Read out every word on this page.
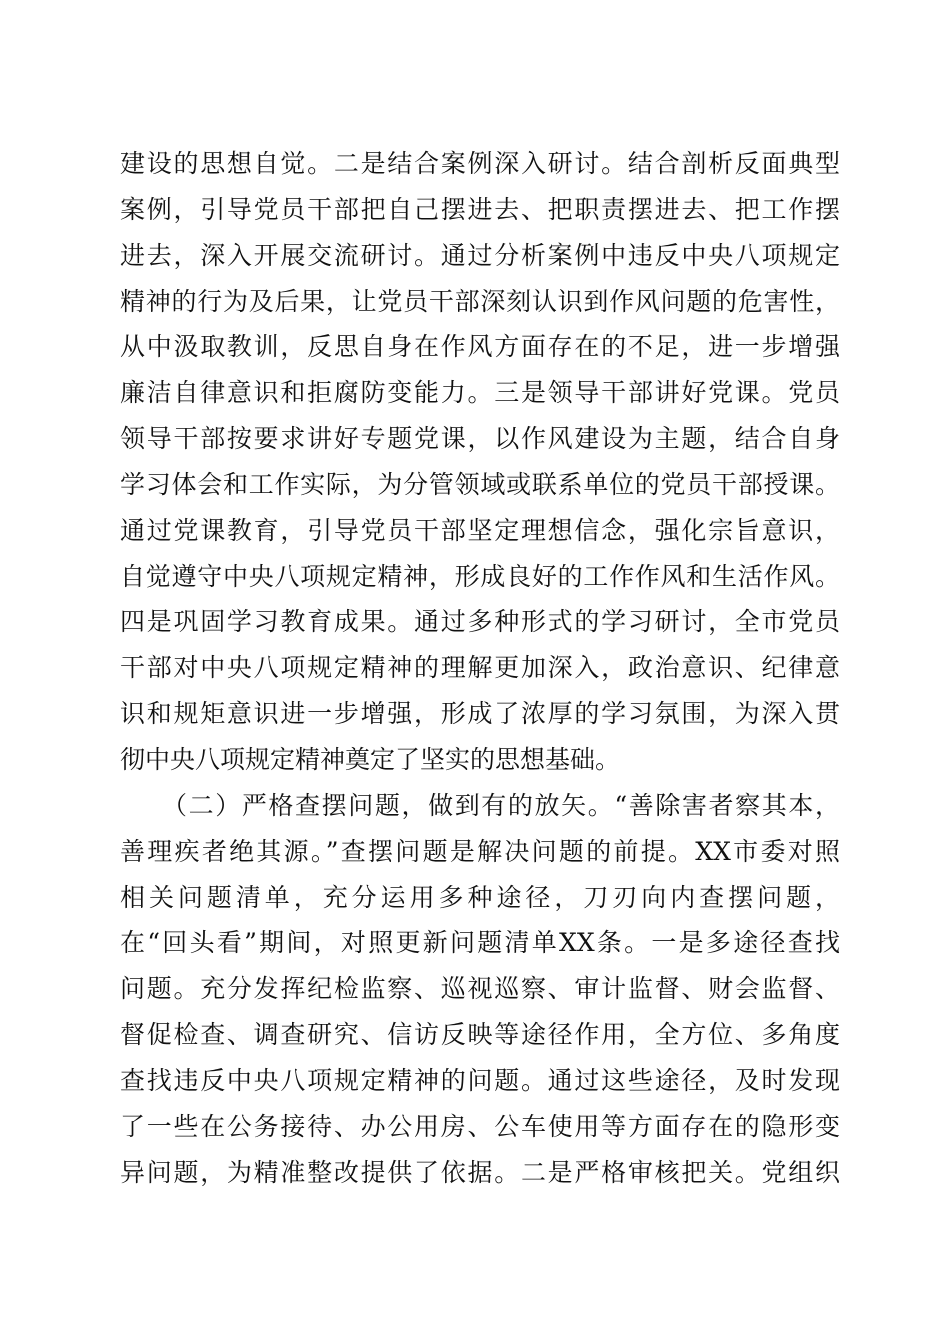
建设的思想自觉。二是结合案例深入研讨。结合剖析反面典型
案例，引导党员干部把自己摆进去、把职责摆进去、把工作摆
进去，深入开展交流研讨。通过分析案例中违反中央八项规定
精神的行为及后果，让党员干部深刻认识到作风问题的危害性，
从中汲取教训，反思自身在作风方面存在的不足，进一步增强
廉洁自律意识和拒腐防变能力。三是领导干部讲好党课。党员
领导干部按要求讲好专题党课，以作风建设为主题，结合自身
学习体会和工作实际，为分管领域或联系单位的党员干部授课。
通过党课教育，引导党员干部坚定理想信念，强化宗旨意识，
自觉遵守中央八项规定精神，形成良好的工作作风和生活作风。
四是巩固学习教育成果。通过多种形式的学习研讨，全市党员
干部对中央八项规定精神的理解更加深入，政治意识、纪律意
识和规矩意识进一步增强，形成了浓厚的学习氛围，为深入贯
彻中央八项规定精神奠定了坚实的思想基础。
（二）严格查摆问题，做到有的放矢。“善除害者察其本，
善理疾者绝其源。”查摆问题是解决问题的前提。XX市委对照
相关问题清单，充分运用多种途径，刀刃向内查摆问题，
在“回头看”期间，对照更新问题清单XX条。一是多途径查找
问题。充分发挥纪检监察、巡视巡察、审计监督、财会监督、
督促检查、调查研究、信访反映等途径作用，全方位、多角度
查找违反中央八项规定精神的问题。通过这些途径，及时发现
了一些在公务接待、办公用房、公车使用等方面存在的隐形变
异问题，为精准整改提供了依据。二是严格审核把关。党组织
